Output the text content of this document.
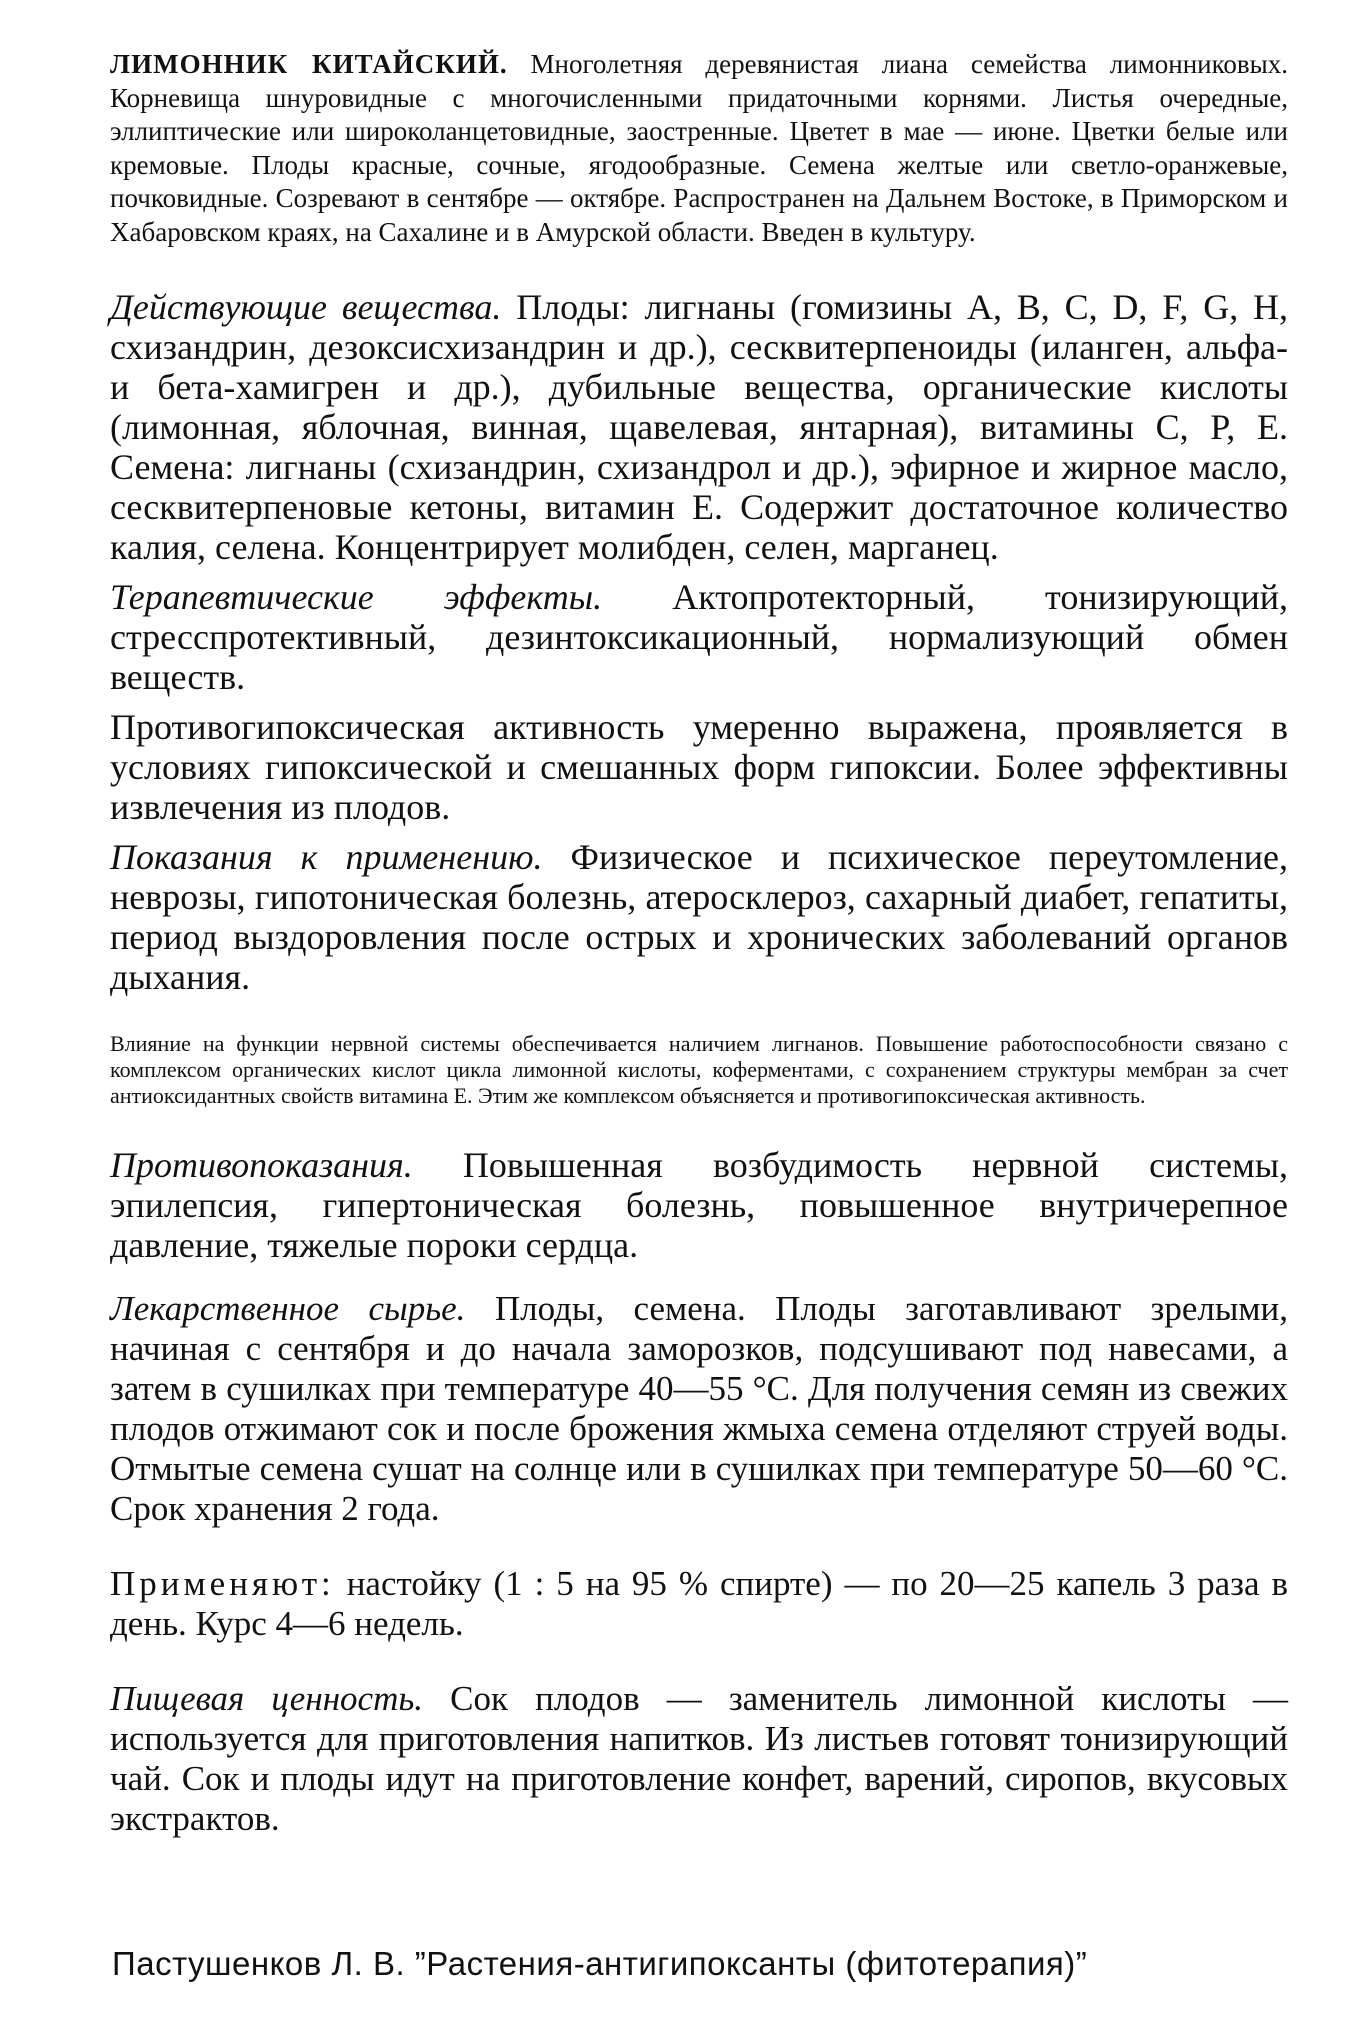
ЛИМОННИК КИТАЙСКИЙ. Многолетняя деревянистая лиана семейства лимонниковых. Корневища шнуровидные с многочисленными придаточными корнями. Листья очередные, эллиптические или широколанцетовидные, заостренные. Цветет в мае — июне. Цветки белые или кремовые. Плоды красные, сочные, ягодообразные. Семена желтые или светло-оранжевые, почковидные. Созревают в сентябре — октябре. Распространен на Дальнем Востоке, в Приморском и Хабаровском краях, на Сахалине и в Амурской области. Введен в культуру.

Действующие вещества. Плоды: лигнаны (гомизины A, B, C, D, F, G, H, схизандрин, дезоксисхизандрин и др.), сесквитерпеноиды (иланген, альфа- и бета-хамигрен и др.), дубильные вещества, органические кислоты (лимонная, яблочная, винная, щавелевая, янтарная), витамины C, P, E. Семена: лигнаны (схизандрин, схизандрол и др.), эфирное и жирное масло, сесквитерпеновые кетоны, витамин E. Содержит достаточное количество калия, селена. Концентрирует молибден, селен, марганец.

Терапевтические эффекты. Актопротекторный, тонизирующий, стресспротективный, дезинтоксикационный, нормализующий обмен веществ.

Противогипоксическая активность умеренно выражена, проявляется в условиях гипоксической и смешанных форм гипоксии. Более эффективны извлечения из плодов.

Показания к применению. Физическое и психическое переутомление, неврозы, гипотоническая болезнь, атеросклероз, сахарный диабет, гепатиты, период выздоровления после острых и хронических заболеваний органов дыхания.

Влияние на функции нервной системы обеспечивается наличием лигнанов. Повышение работоспособности связано с комплексом органических кислот цикла лимонной кислоты, коферментами, с сохранением структуры мембран за счет антиоксидантных свойств витамина E. Этим же комплексом объясняется и противогипоксическая активность.

Противопоказания. Повышенная возбудимость нервной системы, эпилепсия, гипертоническая болезнь, повышенное внутричерепное давление, тяжелые пороки сердца.

Лекарственное сырье. Плоды, семена. Плоды заготавливают зрелыми, начиная с сентября и до начала заморозков, подсушивают под навесами, а затем в сушилках при температуре 40—55 °C. Для получения семян из свежих плодов отжимают сок и после брожения жмыха семена отделяют струей воды. Отмытые семена сушат на солнце или в сушилках при температуре 50—60 °C. Срок хранения 2 года.

Применяют: настойку (1 : 5 на 95 % спирте) — по 20—25 капель 3 раза в день. Курс 4—6 недель.

Пищевая ценность. Сок плодов — заменитель лимонной кислоты — используется для приготовления напитков. Из листьев готовят тонизирующий чай. Сок и плоды идут на приготовление конфет, варений, сиропов, вкусовых экстрактов.

Пастушенков Л. В. ”Растения-антигипоксанты (фитотерапия)”
